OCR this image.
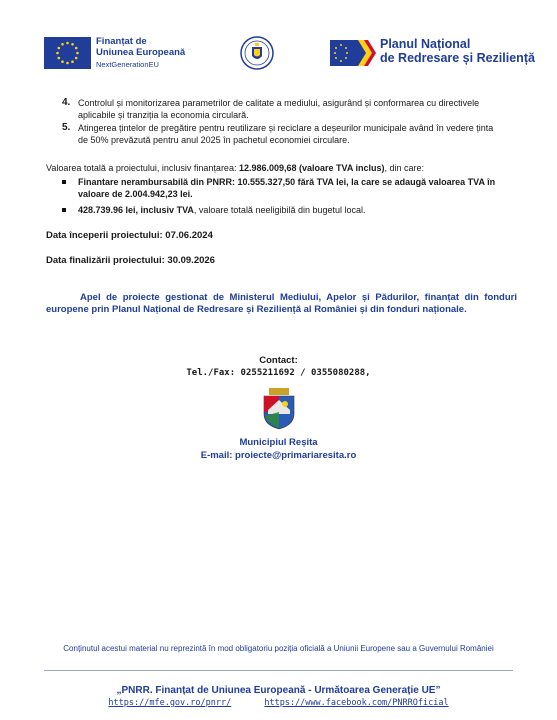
Finanțat de
Uniunea Europeană
NextGenerationEU
Planul Național
de Redresare și Reziliență
4. Controlul și monitorizarea parametrilor de calitate a mediului, asigurând și conformarea cu directivele aplicabile și tranziția la economia circulară.
5. Atingerea țintelor de pregătire pentru reutilizare și reciclare a deșeurilor municipale având în vedere ținta de 50% prevăzută pentru anul 2025 în pachetul economiei circulare.
Valoarea totală a proiectului, inclusiv finanțarea: 12.986.009,68 (valoare TVA inclus), din care:
Finantare nerambursabilă din PNRR: 10.555.327,50 fără TVA lei, la care se adaugă valoarea TVA în valoare de 2.004.942,23 lei.
428.739.96 lei, inclusiv TVA, valoare totală neeligibilă din bugetul local.
Data începerii proiectului: 07.06.2024
Data finalizării proiectului: 30.09.2026
Apel de proiecte gestionat de Ministerul Mediului, Apelor și Pădurilor, finanțat din fonduri europene prin Planul Național de Redresare și Reziliență al României și din fonduri naționale.
Contact:
Tel./Fax: 0255211692 / 0355080288,
Municipiul Reșita
E-mail: proiecte@primariaresita.ro
Conținutul acestui material nu reprezintă în mod obligatoriu poziția oficială a Uniunii Europene sau a Guvernului României
„PNRR. Finanțat de Uniunea Europeană - Următoarea Generație UE”
https://mfe.gov.ro/pnrr/	https://www.facebook.com/PNRROficial
